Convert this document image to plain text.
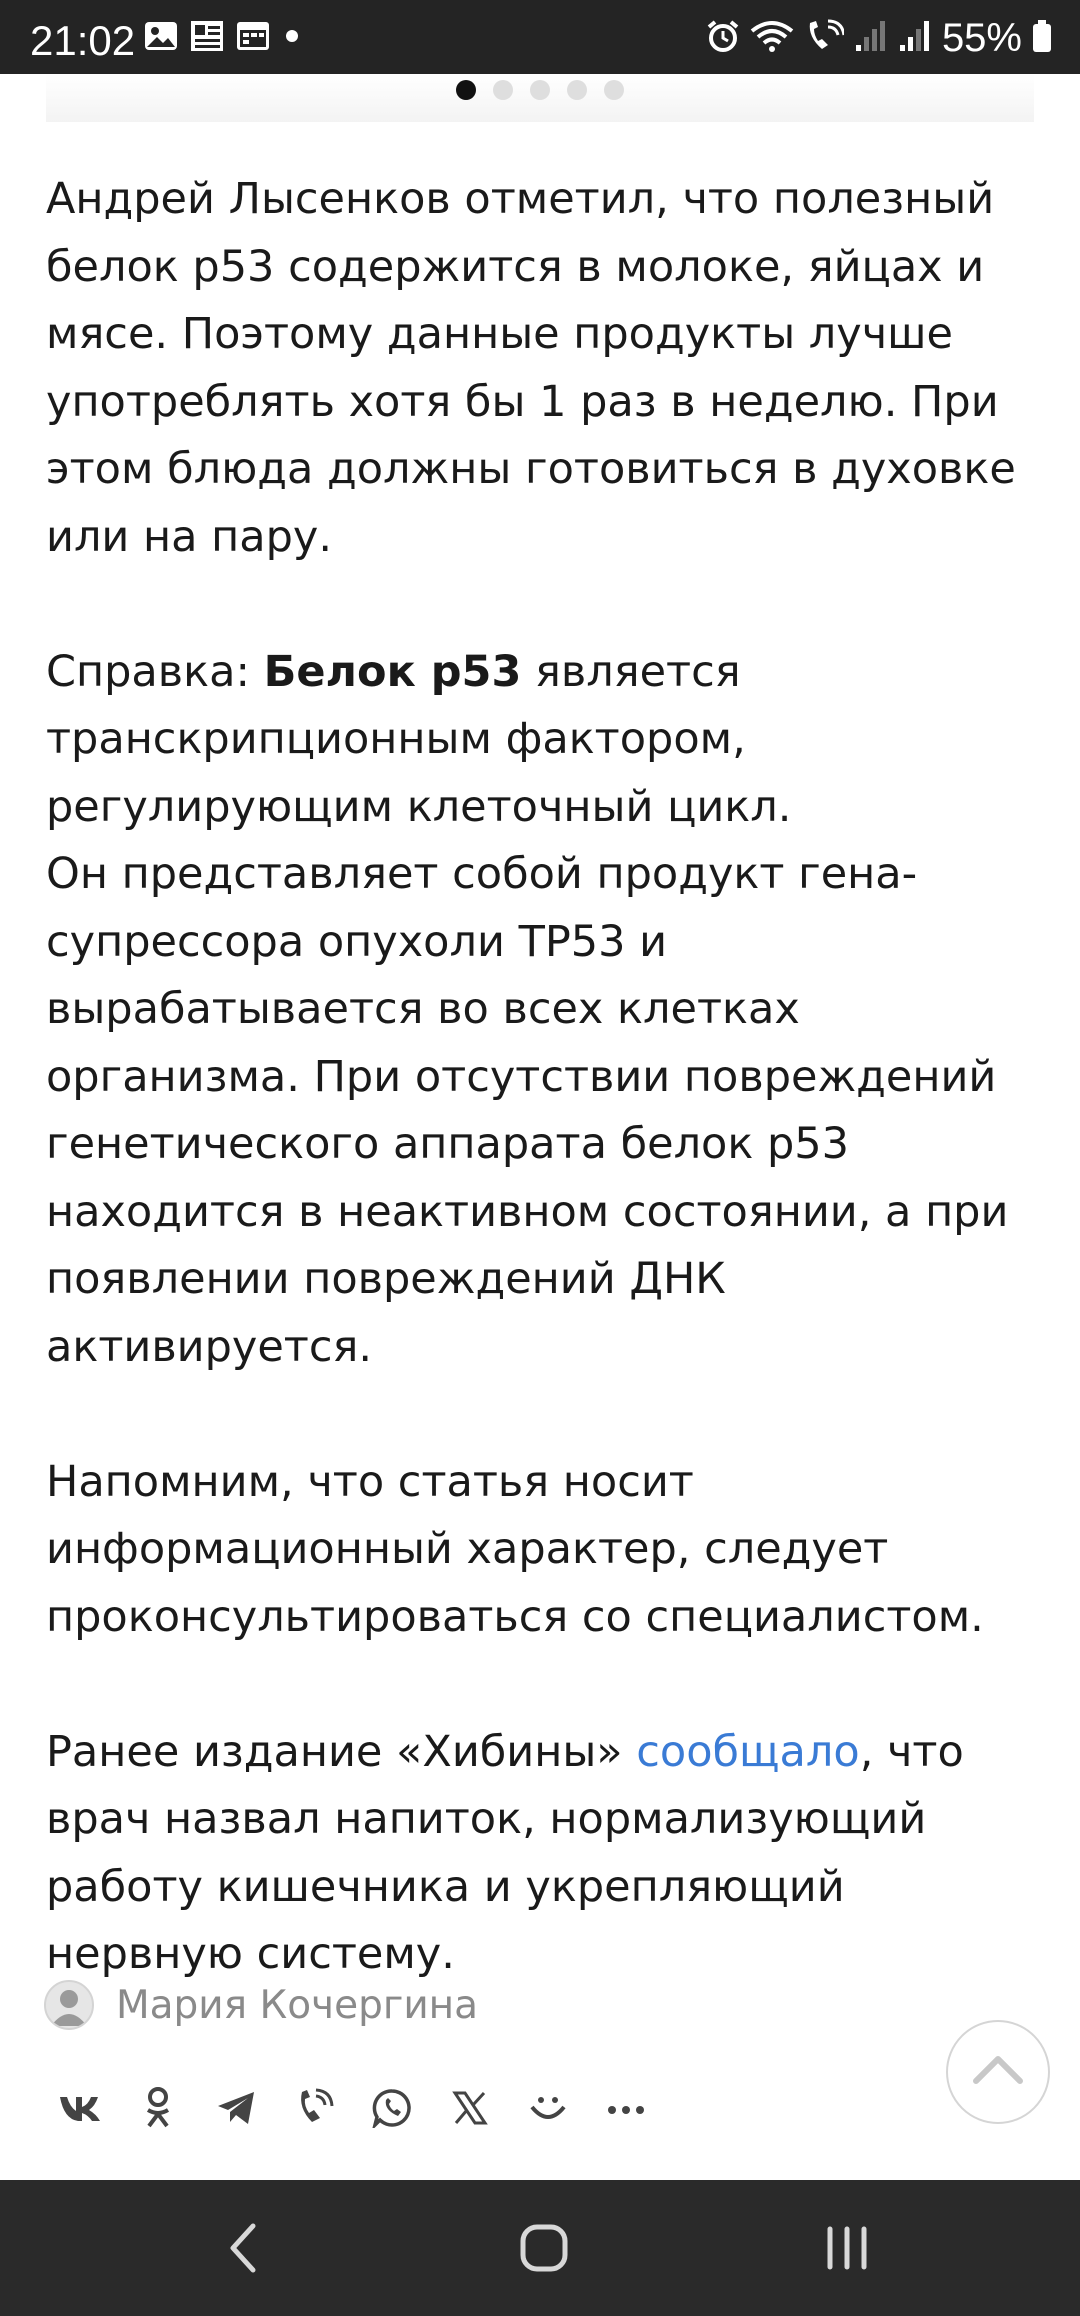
21:02	55%

Андрей Лысенков отметил, что полезный белок p53 содержится в молоке, яйцах и мясе. Поэтому данные продукты лучше употреблять хотя бы 1 раз в неделю. При этом блюда должны готовиться в духовке или на пару.

Справка: Белок p53 является транскрипционным фактором, регулирующим клеточный цикл.
Он представляет собой продукт гена-супрессора опухоли TP53 и вырабатывается во всех клетках организма. При отсутствии повреждений генетического аппарата белок p53 находится в неактивном состоянии, а при появлении повреждений ДНК активируется.

Напомним, что статья носит информационный характер, следует проконсультироваться со специалистом.

Ранее издание «Хибины» сообщало, что врач назвал напиток, нормализующий работу кишечника и укрепляющий нервную систему.

Мария Кочергина
